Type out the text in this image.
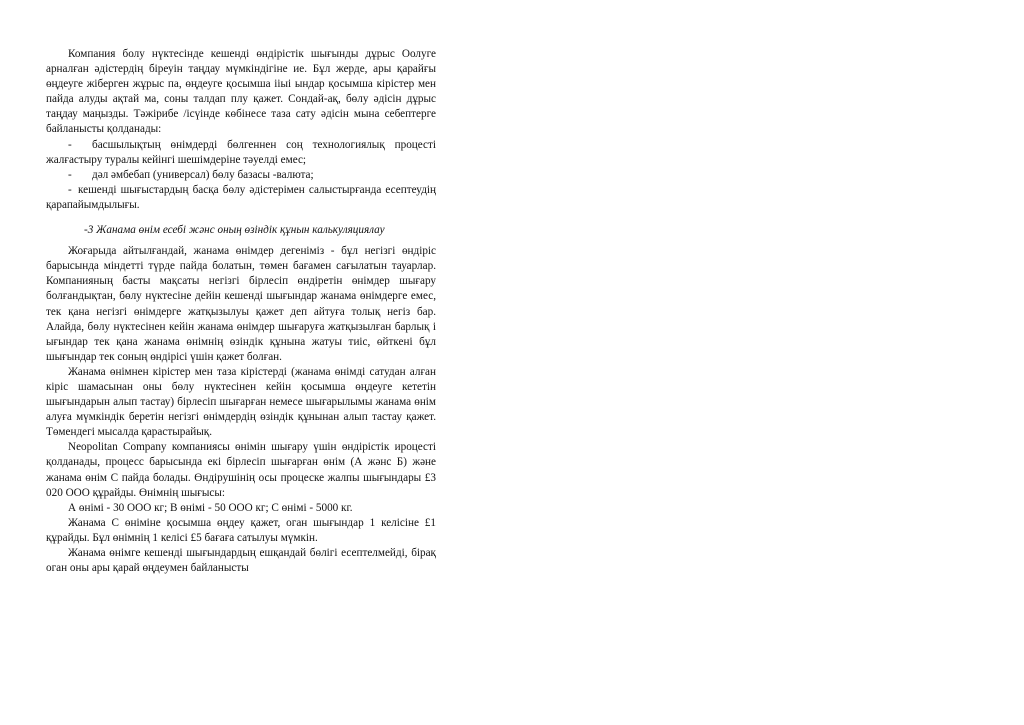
Компания болу нүктесінде кешенді өндірістік шығынды дұрыс Оолуге арналған әдістердің біреуін таңдау мүмкіндігіне ие. Бұл жерде, ары қарайғы өңдеуге жіберген жұрыс па, өңдеуге қосымша ііыі ындар қосымша кірістер мен пайда алуды ақтай ма, соны талдап плу қажет. Сондай-ақ, бөлу әдісін дұрыс таңдау маңызды. Тәжірибе /ісүінде көбінесе таза сату әдісін мына себептерге байланысты қолданады:

- басшылықтың өнімдерді бөлгеннен соң технологиялық процесті жалғастыру туралы кейінгі шешімдеріне тәуелді емес;

- дәл әмбебап (универсал) бөлу базасы -валюта;

- кешенді шығыстардың басқа бөлу әдістерімен салыстырғанда есептеудің қарапайымдылығы.

-3 Жанама өнім есебі жәнс оның өзіндік құнын калькуляциялау

Жоғарыда айтылғандай, жанама өнімдер дегеніміз - бұл негізгі өндіріс барысында міндетті түрде пайда болатын, төмен бағамен сағылатын тауарлар. Компанияның басты мақсаты негізгі бірлесіп өндіретін өнімдер шығару болғандықтан, бөлу нүктесіне дейін кешенді шығындар жанама өнімдерге емес, тек қана негізгі өнімдерге жатқызылуы қажет деп айтуға толық негіз бар. Алайда, бөлу нүктесінен кейін жанама өнімдер шығаруға жатқызылған барлық і ығындар тек қана жанама өнімнің өзіндік құнына жатуы тиіс, өйткені бұл шығындар тек соның өндірісі үшін қажет болған.

Жанама өнімнен кірістер мен таза кірістерді (жанама өнімді сатудан алған кіріс шамасынан оны бөлу нүктесінен кейін қосымша өңдеуге кететін шығындарын алып тастау) бірлесіп шығарған немесе шығарылымы жанама өнім алуға мүмкіндік беретін негізгі өнімдердің өзіндік құнынан алып тастау қажет. Төмендегі мысалда қарастырайық.

Neopolitan Company компаниясы өнімін шығару үшін өндірістік ироцесті қолданады, процесс барысында екі бірлесіп шығарған өнім (А жәнс Б) және жанама өнім С пайда болады. Өндірушінің осы процеске жалпы шығындары £3 020 ООО құрайды. Өнімнің шығысы:

А өнімі - 30 ООО кг; В өнімі - 50 ООО кг; С өнімі - 5000 кг.

Жанама С өніміне қосымша өңдеу қажет, оган шығындар 1 келісіне £1 құрайды. Бұл өнімнің 1 келісі £5 бағаға сатылуы мүмкін.

Жанама өнімге кешенді шығындардың ешқандай бөлігі есептелмейді, бірақ оган оны ары қарай өңдеумен байланысты
